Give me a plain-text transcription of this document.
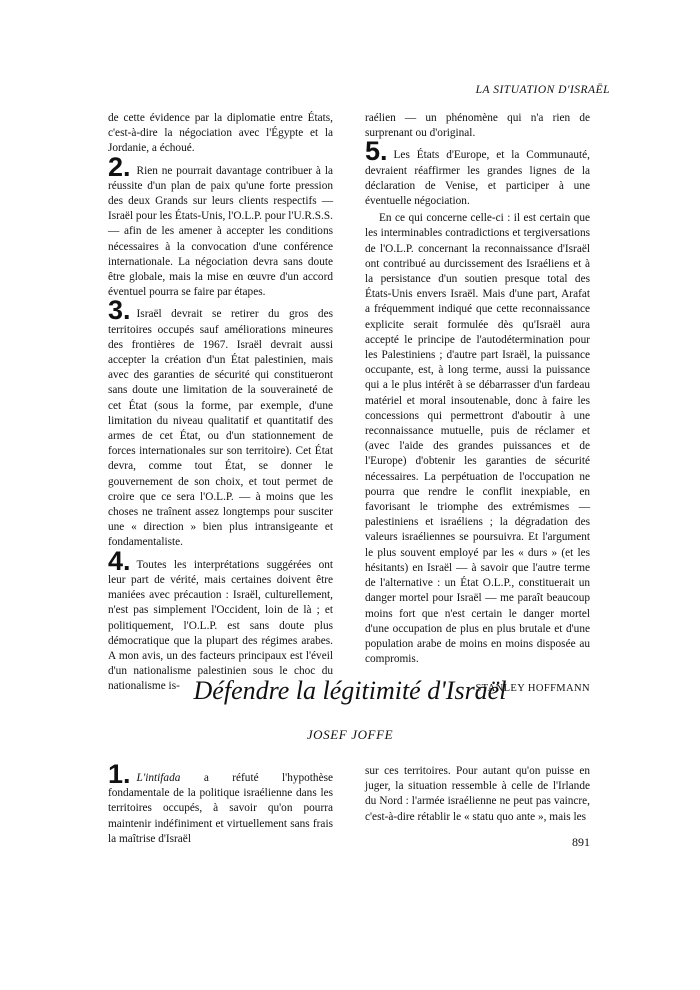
LA SITUATION D'ISRAËL

de cette évidence par la diplomatie entre États, c'est-à-dire la négociation avec l'Égypte et la Jordanie, a échoué.

2. Rien ne pourrait davantage contribuer à la réussite d'un plan de paix qu'une forte pression des deux Grands sur leurs clients respectifs — Israël pour les États-Unis, l'O.L.P. pour l'U.R.S.S. — afin de les amener à accepter les conditions nécessaires à la convocation d'une conférence internationale. La négociation devra sans doute être globale, mais la mise en œuvre d'un accord éventuel pourra se faire par étapes.

3. Israël devrait se retirer du gros des territoires occupés sauf améliorations mineures des frontières de 1967. Israël devrait aussi accepter la création d'un État palestinien, mais avec des garanties de sécurité qui constitueront sans doute une limitation de la souveraineté de cet État (sous la forme, par exemple, d'une limitation du niveau qualitatif et quantitatif des armes de cet État, ou d'un stationnement de forces internationales sur son territoire). Cet État devra, comme tout État, se donner le gouvernement de son choix, et tout permet de croire que ce sera l'O.L.P. — à moins que les choses ne traînent assez longtemps pour susciter une « direction » bien plus intransigeante et fondamentaliste.

4. Toutes les interprétations suggérées ont leur part de vérité, mais certaines doivent être maniées avec précaution : Israël, culturellement, n'est pas simplement l'Occident, loin de là ; et politiquement, l'O.L.P. est sans doute plus démocratique que la plupart des régimes arabes. A mon avis, un des facteurs principaux est l'éveil d'un nationalisme palestinien sous le choc du nationalisme is-

raélien — un phénomène qui n'a rien de surprenant ou d'original.

5. Les États d'Europe, et la Communauté, devraient réaffirmer les grandes lignes de la déclaration de Venise, et participer à une éventuelle négociation.

En ce qui concerne celle-ci : il est certain que les interminables contradictions et tergiversations de l'O.L.P. concernant la reconnaissance d'Israël ont contribué au durcissement des Israéliens et à la persistance d'un soutien presque total des États-Unis envers Israël. Mais d'une part, Arafat a fréquemment indiqué que cette reconnaissance explicite serait formulée dès qu'Israël aura accepté le principe de l'autodétermination pour les Palestiniens ; d'autre part Israël, la puissance occupante, est, à long terme, aussi la puissance qui a le plus intérêt à se débarrasser d'un fardeau matériel et moral insoutenable, donc à faire les concessions qui permettront d'aboutir à une reconnaissance mutuelle, puis de réclamer et (avec l'aide des grandes puissances et de l'Europe) d'obtenir les garanties de sécurité nécessaires. La perpétuation de l'occupation ne pourra que rendre le conflit inexpiable, en favorisant le triomphe des extrémismes — palestiniens et israéliens ; la dégradation des valeurs israéliennes se poursuivra. Et l'argument le plus souvent employé par les « durs » (et les hésitants) en Israël — à savoir que l'autre terme de l'alternative : un État O.L.P., constituerait un danger mortel pour Israël — me paraît beaucoup moins fort que n'est certain le danger mortel d'une occupation de plus en plus brutale et d'une population arabe de moins en moins disposée au compromis.

STANLEY HOFFMANN

Défendre la légitimité d'Israël
JOSEF JOFFE

1. L'intifada a réfuté l'hypothèse fondamentale de la politique israélienne dans les territoires occupés, à savoir qu'on pourra maintenir indéfiniment et virtuellement sans frais la maîtrise d'Israël

sur ces territoires. Pour autant qu'on puisse en juger, la situation ressemble à celle de l'Irlande du Nord : l'armée israélienne ne peut pas vaincre, c'est-à-dire rétablir le « statu quo ante », mais les

891
